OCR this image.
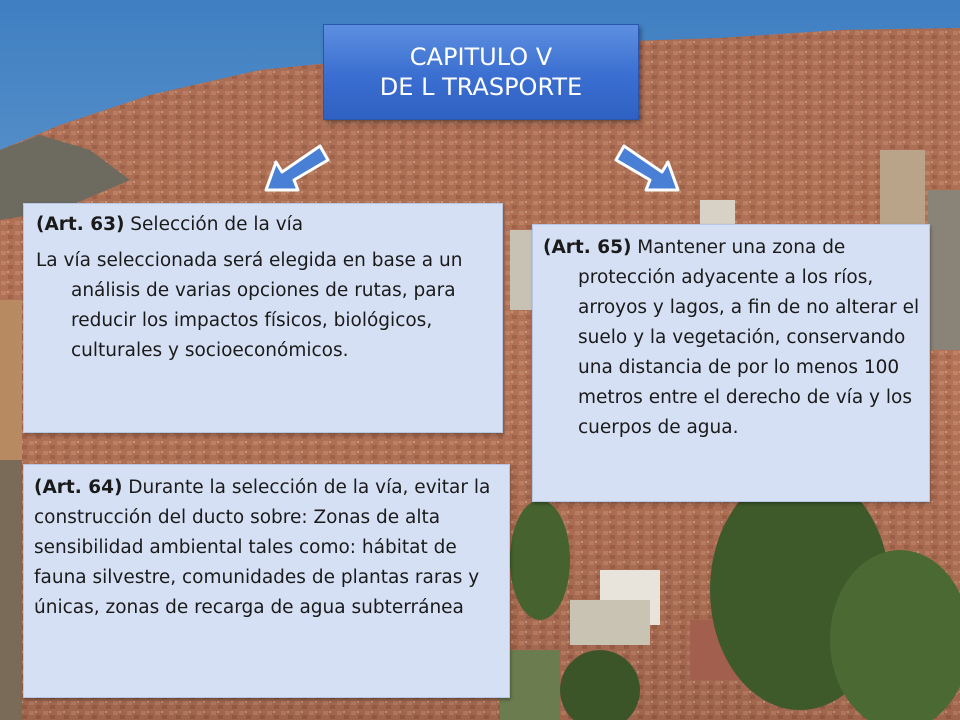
CAPITULO V
DE L TRASPORTE

(Art. 63) Selección de la vía

La vía seleccionada será elegida en base a un análisis de varias opciones de rutas, para reducir los impactos físicos, biológicos, culturales y socioeconómicos.

(Art. 65) Mantener una zona de protección adyacente a los ríos, arroyos y lagos, a fin de no alterar el suelo y la vegetación, conservando una distancia de por lo menos 100 metros entre el derecho de vía y los cuerpos de agua.

(Art. 64) Durante la selección de la vía, evitar la construcción del ducto sobre: Zonas de alta sensibilidad ambiental tales como: hábitat de fauna silvestre, comunidades de plantas raras y únicas, zonas de recarga de agua subterránea
